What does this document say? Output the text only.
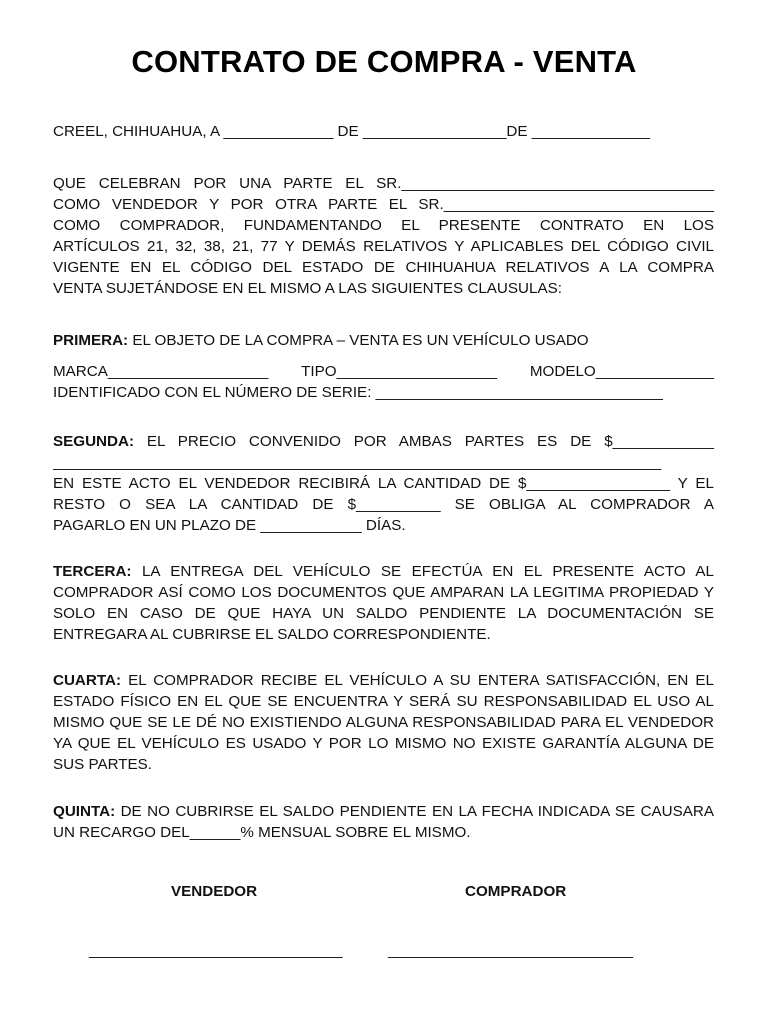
CONTRATO DE COMPRA - VENTA
CREEL, CHIHUAHUA, A _____________ DE _________________DE ______________
QUE CELEBRAN POR UNA PARTE EL SR._____________________________________
COMO VENDEDOR Y POR OTRA PARTE EL SR.________________________________
COMO COMPRADOR, FUNDAMENTANDO EL PRESENTE CONTRATO EN LOS
ARTÍCULOS 21, 32, 38, 21, 77 Y DEMÁS RELATIVOS Y APLICABLES DEL CÓDIGO CIVIL
VIGENTE EN EL CÓDIGO DEL ESTADO DE CHIHUAHUA RELATIVOS A LA COMPRA
VENTA SUJETÁNDOSE EN EL MISMO A LAS SIGUIENTES CLAUSULAS:
PRIMERA: EL OBJETO DE LA COMPRA – VENTA ES UN VEHÍCULO USADO
MARCA___________________ TIPO___________________ MODELO______________
IDENTIFICADO CON EL NÚMERO DE SERIE: __________________________________
SEGUNDA: EL PRECIO CONVENIDO POR AMBAS PARTES ES DE $____________
________________________________________________________________________
EN ESTE ACTO EL VENDEDOR RECIBIRÁ LA CANTIDAD DE $_________________ Y EL
RESTO O SEA LA CANTIDAD DE $__________ SE OBLIGA AL COMPRADOR A
PAGARLO EN UN PLAZO DE ____________ DÍAS.
TERCERA: LA ENTREGA DEL VEHÍCULO SE EFECTÚA EN EL PRESENTE ACTO AL COMPRADOR ASÍ COMO LOS DOCUMENTOS QUE AMPARAN LA LEGITIMA PROPIEDAD Y SOLO EN CASO DE QUE HAYA UN SALDO PENDIENTE LA DOCUMENTACIÓN SE ENTREGARA AL CUBRIRSE EL SALDO CORRESPONDIENTE.
CUARTA: EL COMPRADOR RECIBE EL VEHÍCULO A SU ENTERA SATISFACCIÓN, EN EL ESTADO FÍSICO EN EL QUE SE ENCUENTRA Y SERÁ SU RESPONSABILIDAD EL USO AL MISMO QUE SE LE DÉ NO EXISTIENDO ALGUNA RESPONSABILIDAD PARA EL VENDEDOR YA QUE EL VEHÍCULO ES USADO Y POR LO MISMO NO EXISTE GARANTÍA ALGUNA DE SUS PARTES.
QUINTA: DE NO CUBRIRSE EL SALDO PENDIENTE EN LA FECHA INDICADA SE CAUSARA UN RECARGO DEL______% MENSUAL SOBRE EL MISMO.
VENDEDOR	COMPRADOR
______________________________	_____________________________
